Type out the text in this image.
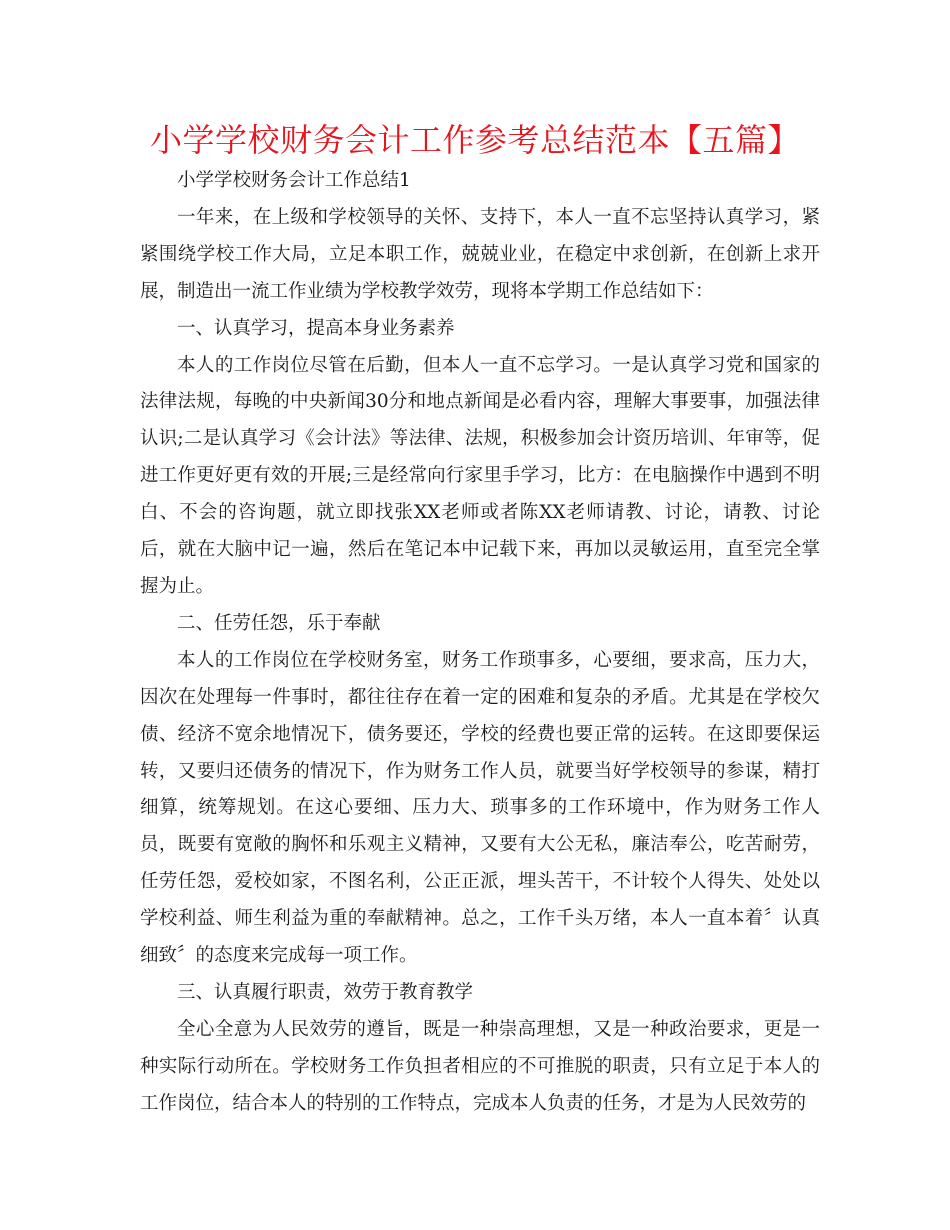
小学学校财务会计工作参考总结范本【五篇】

小学学校财务会计工作总结1

一年来，在上级和学校领导的关怀、支持下，本人一直不忘坚持认真学习，紧紧围绕学校工作大局，立足本职工作，兢兢业业，在稳定中求创新，在创新上求开展，制造出一流工作业绩为学校教学效劳，现将本学期工作总结如下：

一、认真学习，提高本身业务素养

本人的工作岗位尽管在后勤，但本人一直不忘学习。一是认真学习党和国家的法律法规，每晚的中央新闻30分和地点新闻是必看内容，理解大事要事，加强法律认识;二是认真学习《会计法》等法律、法规，积极参加会计资历培训、年审等，促进工作更好更有效的开展;三是经常向行家里手学习，比方：在电脑操作中遇到不明白、不会的咨询题，就立即找张XX老师或者陈XX老师请教、讨论，请教、讨论后，就在大脑中记一遍，然后在笔记本中记载下来，再加以灵敏运用，直至完全掌握为止。

二、任劳任怨，乐于奉献

本人的工作岗位在学校财务室，财务工作琐事多，心要细，要求高，压力大，因次在处理每一件事时，都往往存在着一定的困难和复杂的矛盾。尤其是在学校欠债、经济不宽余地情况下，债务要还，学校的经费也要正常的运转。在这即要保运转，又要归还债务的情况下，作为财务工作人员，就要当好学校领导的参谋，精打细算，统筹规划。在这心要细、压力大、琐事多的工作环境中，作为财务工作人员，既要有宽敞的胸怀和乐观主义精神，又要有大公无私，廉洁奉公，吃苦耐劳，任劳任怨，爱校如家，不图名利，公正正派，埋头苦干，不计较个人得失、处处以学校利益、师生利益为重的奉献精神。总之，工作千头万绪，本人一直本着〞认真细致〞的态度来完成每一项工作。

三、认真履行职责，效劳于教育教学

全心全意为人民效劳的遵旨，既是一种崇高理想，又是一种政治要求，更是一种实际行动所在。学校财务工作负担者相应的不可推脱的职责，只有立足于本人的工作岗位，结合本人的特别的工作特点，完成本人负责的任务，才是为人民效劳的
